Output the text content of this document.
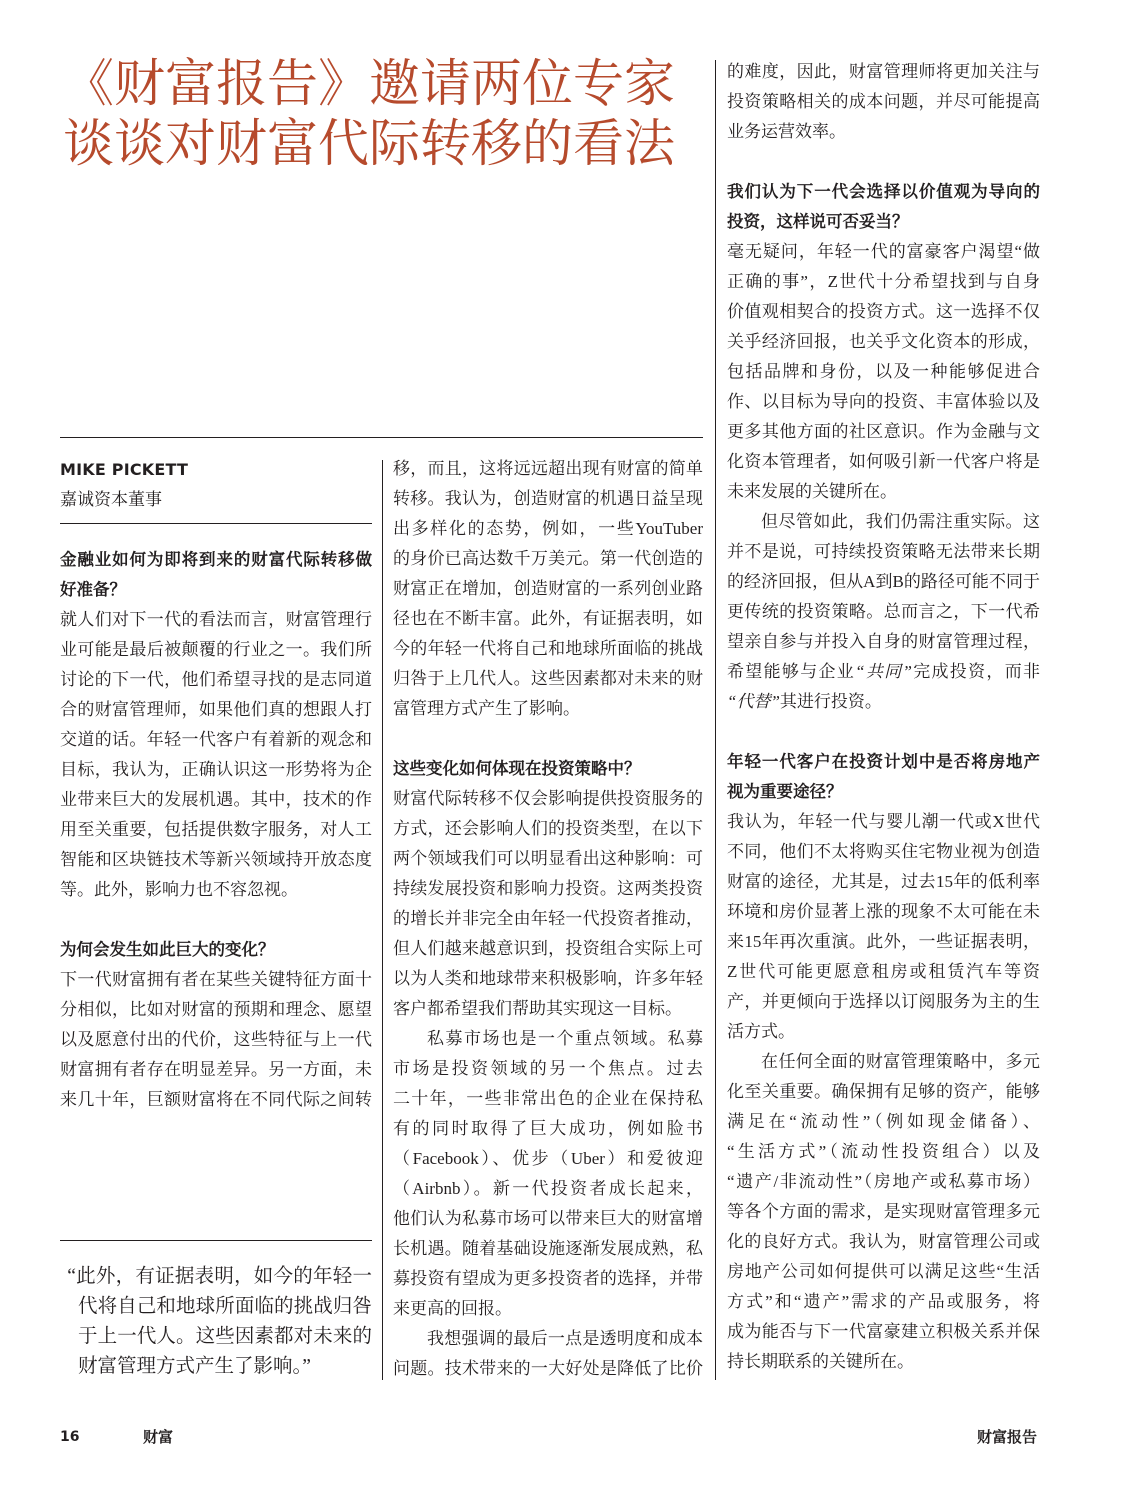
《财富报告》邀请两位专家
谈谈对财富代际转移的看法
MIKE PICKETT
嘉诚资本董事
金融业如何为即将到来的财富代际转移做
好准备？
就人们对下一代的看法而言，财富管理行
业可能是最后被颠覆的行业之一。我们所
讨论的下一代，他们希望寻找的是志同道
合的财富管理师，如果他们真的想跟人打
交道的话。年轻一代客户有着新的观念和
目标，我认为，正确认识这一形势将为企
业带来巨大的发展机遇。其中，技术的作
用至关重要，包括提供数字服务，对人工
智能和区块链技术等新兴领域持开放态度
等。此外，影响力也不容忽视。
为何会发生如此巨大的变化？
下一代财富拥有者在某些关键特征方面十
分相似，比如对财富的预期和理念、愿望
以及愿意付出的代价，这些特征与上一代
财富拥有者存在明显差异。另一方面，未
来几十年，巨额财富将在不同代际之间转
移，而且，这将远远超出现有财富的简单
转移。我认为，创造财富的机遇日益呈现
出多样化的态势，例如，一些YouTuber
的身价已高达数千万美元。第一代创造的
财富正在增加，创造财富的一系列创业路
径也在不断丰富。此外，有证据表明，如
今的年轻一代将自己和地球所面临的挑战
归咎于上几代人。这些因素都对未来的财
富管理方式产生了影响。
这些变化如何体现在投资策略中？
财富代际转移不仅会影响提供投资服务的
方式，还会影响人们的投资类型，在以下
两个领域我们可以明显看出这种影响：可
持续发展投资和影响力投资。这两类投资
的增长并非完全由年轻一代投资者推动，
但人们越来越意识到，投资组合实际上可
以为人类和地球带来积极影响，许多年轻
客户都希望我们帮助其实现这一目标。
私募市场也是一个重点领域。私募
市场是投资领域的另一个焦点。过去
二十年，一些非常出色的企业在保持私
有的同时取得了巨大成功，例如脸书
（Facebook）、优步（Uber）和爱彼迎
（Airbnb）。新一代投资者成长起来，
他们认为私募市场可以带来巨大的财富增
长机遇。随着基础设施逐渐发展成熟，私
募投资有望成为更多投资者的选择，并带
来更高的回报。
我想强调的最后一点是透明度和成本
问题。技术带来的一大好处是降低了比价
的难度，因此，财富管理师将更加关注与
投资策略相关的成本问题，并尽可能提高
业务运营效率。
我们认为下一代会选择以价值观为导向的
投资，这样说可否妥当？
毫无疑问，年轻一代的富豪客户渴望“做
正确的事”，Z世代十分希望找到与自身
价值观相契合的投资方式。这一选择不仅
关乎经济回报，也关乎文化资本的形成，
包括品牌和身份，以及一种能够促进合
作、以目标为导向的投资、丰富体验以及
更多其他方面的社区意识。作为金融与文
化资本管理者，如何吸引新一代客户将是
未来发展的关键所在。
但尽管如此，我们仍需注重实际。这
并不是说，可持续投资策略无法带来长期
的经济回报，但从A到B的路径可能不同于
更传统的投资策略。总而言之，下一代希
望亲自参与并投入自身的财富管理过程，
希望能够与企业“共同”完成投资，而非
“代替”其进行投资。
年轻一代客户在投资计划中是否将房地产
视为重要途径？
我认为，年轻一代与婴儿潮一代或X世代
不同，他们不太将购买住宅物业视为创造
财富的途径，尤其是，过去15年的低利率
环境和房价显著上涨的现象不太可能在未
来15年再次重演。此外，一些证据表明，
Z世代可能更愿意租房或租赁汽车等资
产，并更倾向于选择以订阅服务为主的生
活方式。
在任何全面的财富管理策略中，多元
化至关重要。确保拥有足够的资产，能够
满足在“流动性”（例如现金储备）、
“生活方式”（流动性投资组合）以及
“遗产/非流动性”（房地产或私募市场）
等各个方面的需求，是实现财富管理多元
化的良好方式。我认为，财富管理公司或
房地产公司如何提供可以满足这些“生活
方式”和“遗产”需求的产品或服务，将
成为能否与下一代富豪建立积极关系并保
持长期联系的关键所在。
“此外，有证据表明，如今的年轻一
代将自己和地球所面临的挑战归咎
于上一代人。这些因素都对未来的
财富管理方式产生了影响。”
16	财富	财富报告
